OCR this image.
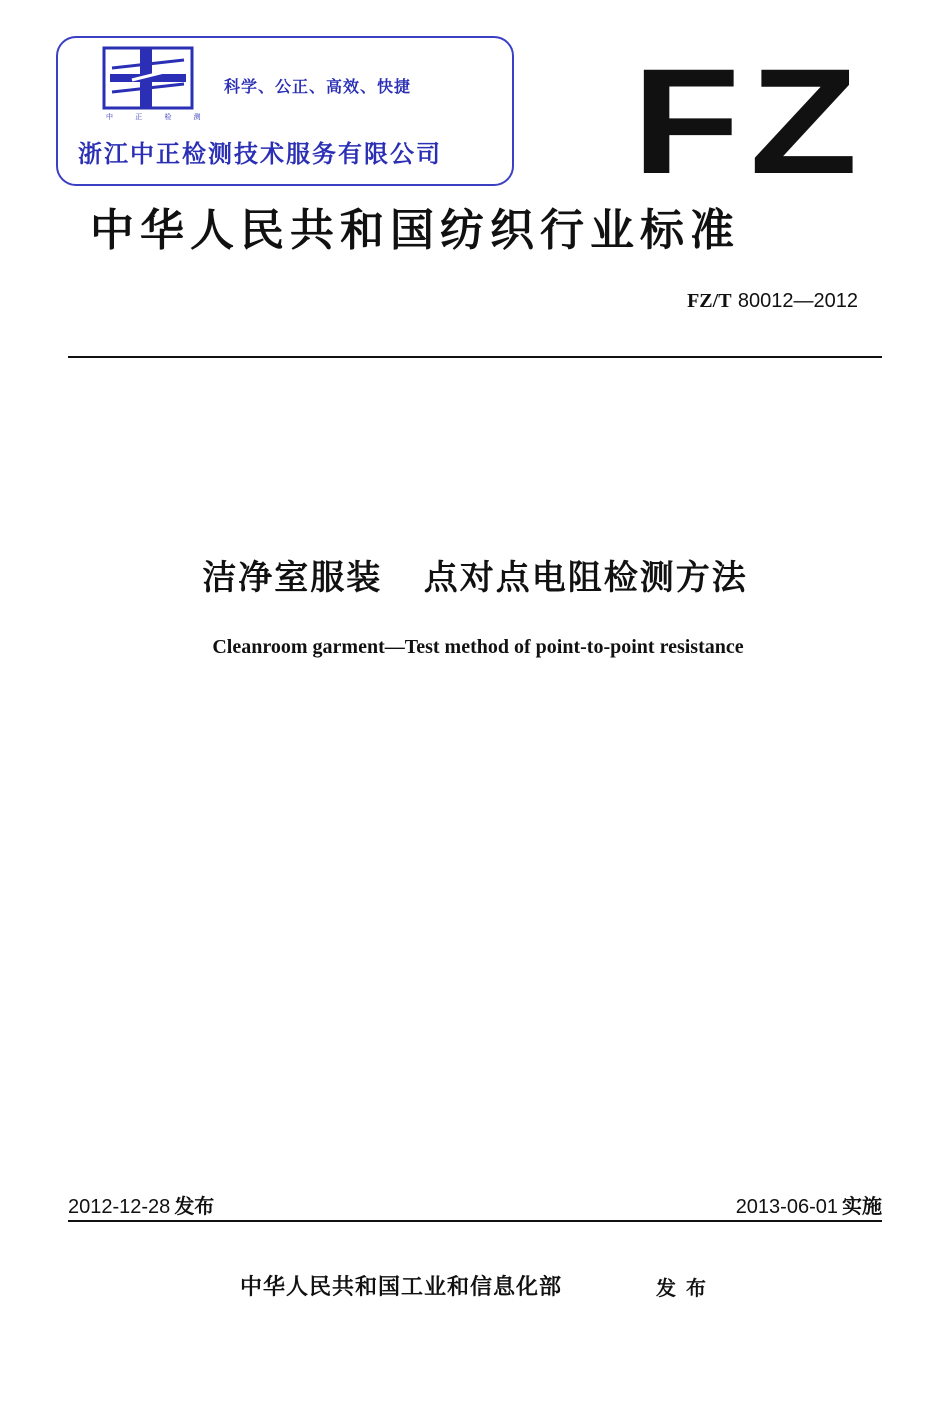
中 正 检 测
科学、公正、高效、快捷
浙江中正检测技术服务有限公司 FZ
中华人民共和国纺织行业标准
FZ/T 80012—2012
洁净室服装   点对点电阻检测方法
Cleanroom garment—Test method of point-to-point resistance
2012-12-28 发布	2013-06-01 实施
中华人民共和国工业和信息化部	发布
